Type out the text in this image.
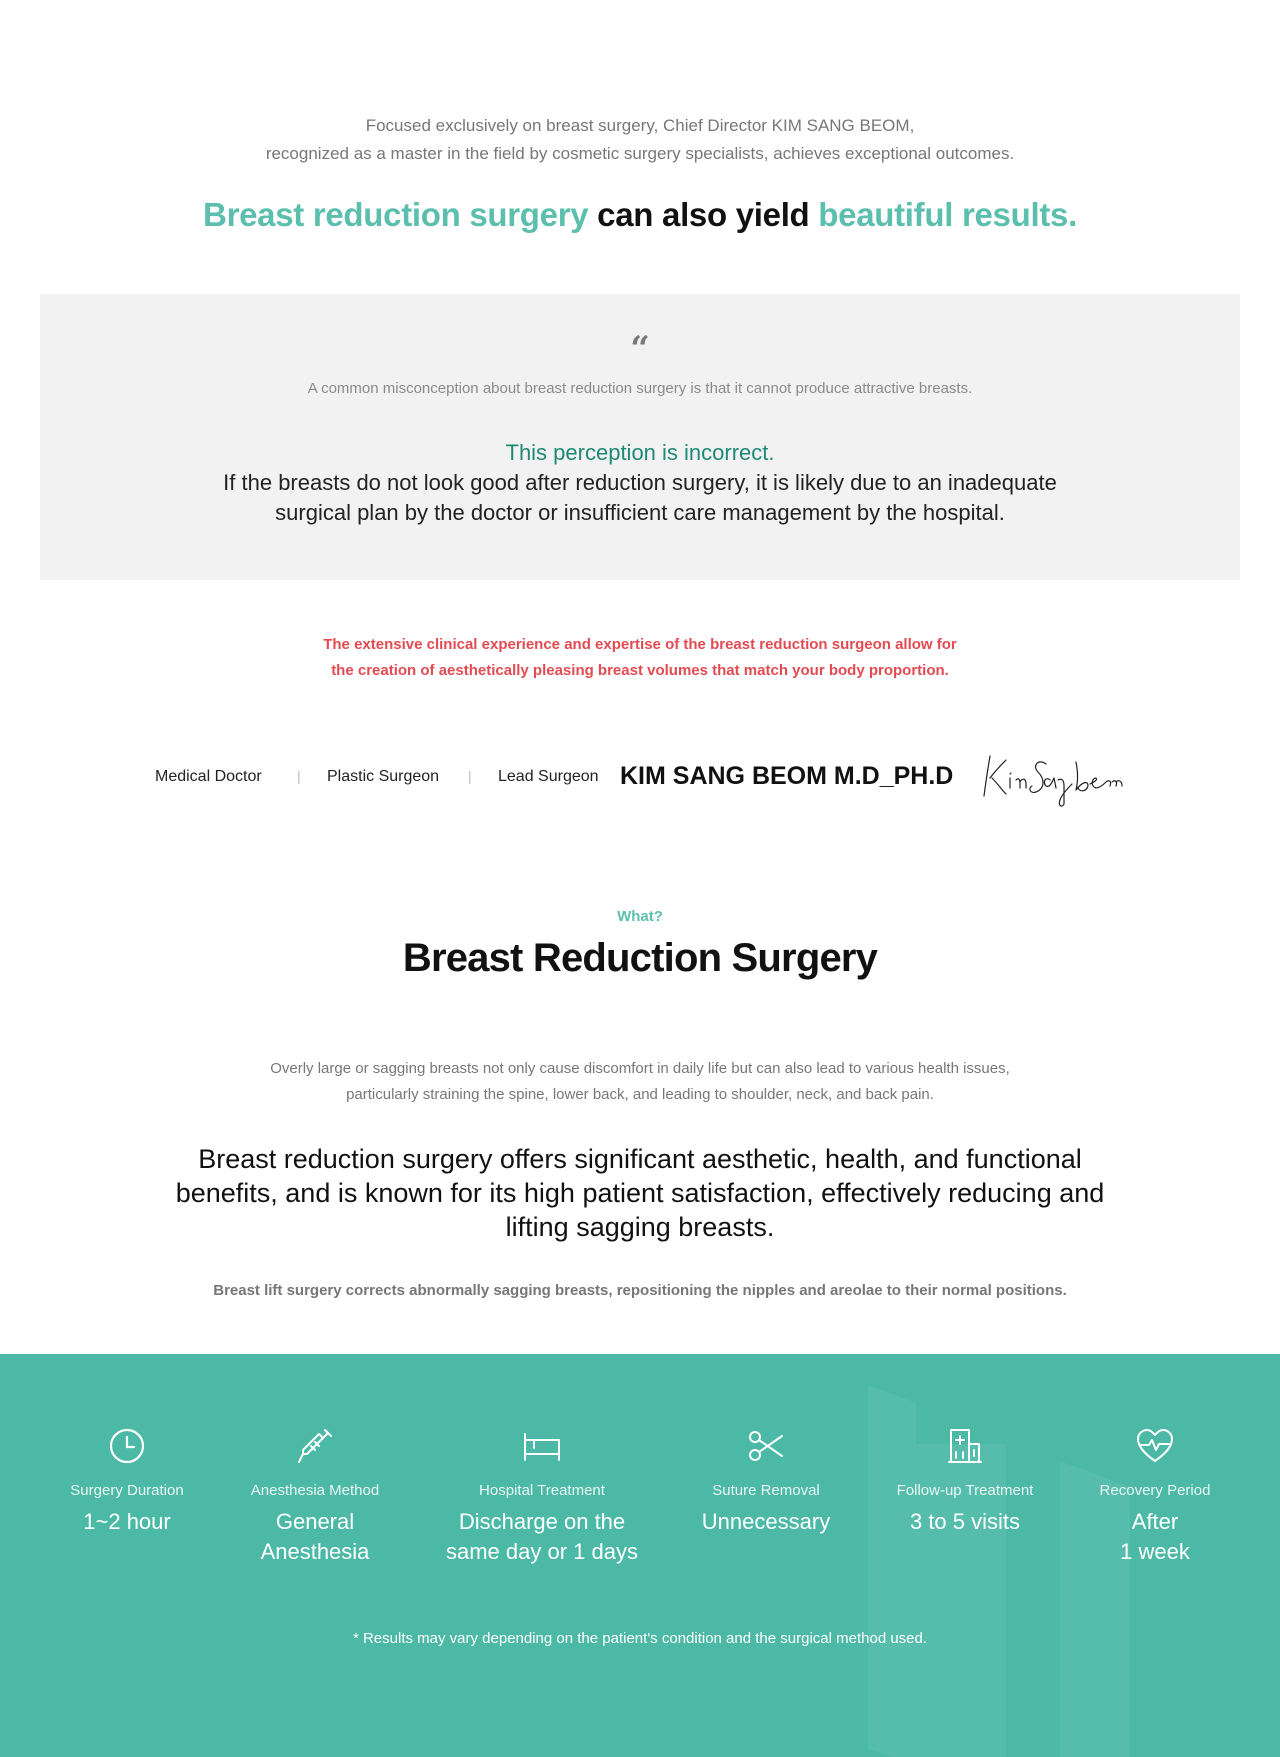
Focused exclusively on breast surgery, Chief Director KIM SANG BEOM,

recognized as a master in the field by cosmetic surgery specialists, achieves exceptional outcomes.

Breast reduction surgery can also yield beautiful results.
“

A common misconception about breast reduction surgery is that it cannot produce attractive breasts.

This perception is incorrect.

If the breasts do not look good after reduction surgery, it is likely due to an inadequate
surgical plan by the doctor or insufficient care management by the hospital.
The extensive clinical experience and expertise of the breast reduction surgeon allow for
the creation of aesthetically pleasing breast volumes that match your body proportion.
Medical Doctor	| Plastic Surgeon | Lead Surgeon KIM SANG BEOM M.D_PH.D
What?
Breast Reduction Surgery
Overly large or sagging breasts not only cause discomfort in daily life but can also lead to various health issues,
particularly straining the spine, lower back, and leading to shoulder, neck, and back pain.

Breast reduction surgery offers significant aesthetic, health, and functional benefits, and is known for its high patient satisfaction, effectively reducing and lifting sagging breasts.

Breast lift surgery corrects abnormally sagging breasts, repositioning the nipples and areolae to their normal positions.

Surgery Duration
1~2 hour
Anesthesia Method
General
Anesthesia
Hospital Treatment
Discharge on the
same day or 1 days
Suture Removal
Unnecessary
Follow-up Treatment
3 to 5 visits
Recovery Period
After
1 week

* Results may vary depending on the patient's condition and the surgical method used.
